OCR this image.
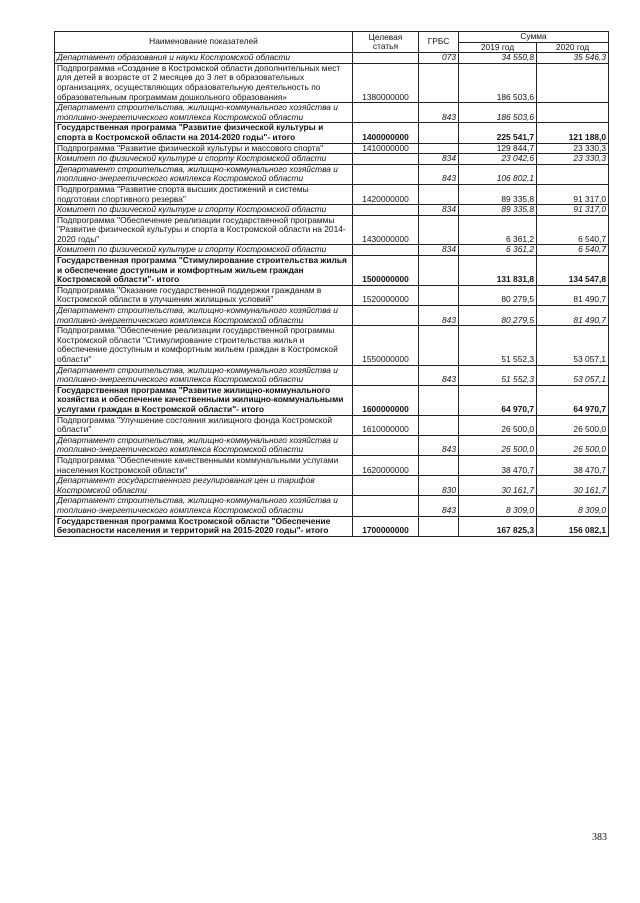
Наименование показателей	Целевая статья	ГРБС	Сумма	
			2019 год	2020 год
Департамент образования и науки Костромской области		073	34 550,8	35 546,3
Подпрограмма «Создание в Костромской области дополнительных мест для детей в возрасте от 2 месяцев до 3 лет в образовательных организациях, осуществляющих образовательную деятельность по образовательным программам дошкольного образования»	1380000000		186 503,6	
Департамент строительства, жилищно-коммунального хозяйства и топливно-энергетического комплекса Костромской области		843	186 503,6	
Государственная программа "Развитие физической культуры и спорта в Костромской области на 2014-2020 годы"- итого	1400000000		225 541,7	121 188,0
Подпрограмма "Развитие физической культуры и массового спорта"	1410000000		129 844,7	23 330,3
Комитет по физической культуре и спорту Костромской области		834	23 042,6	23 330,3
Департамент строительства, жилищно-коммунального хозяйства и топливно-энергетического комплекса Костромской области		843	106 802,1	
Подпрограмма "Развитие спорта высших достижений и системы подготовки спортивного резерва"	1420000000		89 335,8	91 317,0
Комитет по физической культуре и спорту Костромской области		834	89 335,8	91 317,0
Подпрограмма "Обеспечение реализации государственной программы "Развитие физической культуры и спорта в Костромской области на 2014-2020 годы"	1430000000		6 361,2	6 540,7
Комитет по физической культуре и спорту Костромской области		834	6 361,2	6 540,7
Государственная программа "Стимулирование строительства жилья и обеспечение доступным и комфортным жильем граждан Костромской области"- итого	1500000000		131 831,8	134 547,8
Подпрограмма "Оказание государственной поддержки гражданам в Костромской области в улучшении жилищных условий"	1520000000		80 279,5	81 490,7
Департамент строительства, жилищно-коммунального хозяйства и топливно-энергетического комплекса Костромской области		843	80 279,5	81 490,7
Подпрограмма "Обеспечение реализации государственной программы Костромской области "Стимулирование строительства жилья и обеспечение доступным и комфортным жильем граждан в Костромской области"	1550000000		51 552,3	53 057,1
Департамент строительства, жилищно-коммунального хозяйства и топливно-энергетического комплекса Костромской области		843	51 552,3	53 057,1
Государственная программа "Развитие жилищно-коммунального хозяйства и обеспечение качественными жилищно-коммунальными услугами граждан в Костромской области"- итого	1600000000		64 970,7	64 970,7
Подпрограмма "Улучшение состояния жилищного фонда Костромской области"	1610000000		26 500,0	26 500,0
Департамент строительства, жилищно-коммунального хозяйства и топливно-энергетического комплекса Костромской области		843	26 500,0	26 500,0
Подпрограмма "Обеспечение качественными коммунальными услугами населения Костромской области"	1620000000		38 470,7	38 470,7
Департамент государственного регулирования цен и тарифов Костромской области		830	30 161,7	30 161,7
Департамент строительства, жилищно-коммунального хозяйства и топливно-энергетического комплекса Костромской области		843	8 309,0	8 309,0
Государственная программа Костромской области "Обеспечение безопасности населения и территорий на 2015-2020 годы"- итого	1700000000		167 825,3	156 082,1
383
